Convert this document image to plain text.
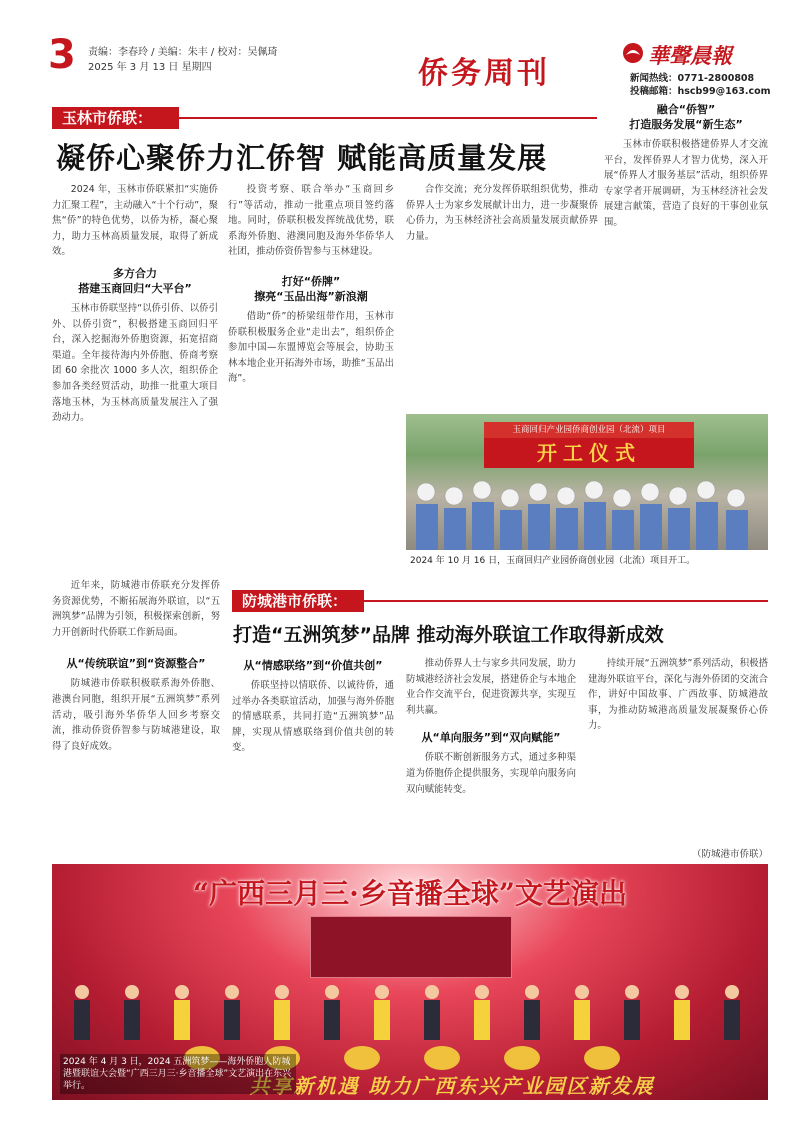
3 责编：李春玲 / 美编：朱丰 / 校对：吴佩琦
2025 年 3 月 13 日 星期四	侨务周刊
華聲晨報
新闻热线：0771-2800808
投稿邮箱：hscb99@163.com
玉林市侨联：
凝侨心聚侨力汇侨智 赋能高质量发展

2024 年，玉林市侨联紧扣“实施侨力汇聚工程”，主动融入“十个行动”，聚焦“侨”的特色优势，以侨为桥，凝心聚力，助力玉林高质量发展，取得了新成效。

多方合力
搭建玉商回归“大平台”

玉林市侨联坚持“以侨引侨、以侨引外、以侨引资”，积极搭建玉商回归平台，深入挖掘海外侨胞资源，拓宽招商渠道。全年接待海内外侨胞、侨商考察团 60 余批次 1000 多人次，组织侨企参加各类经贸活动，助推一批重大项目落地玉林，为玉林高质量发展注入了强劲动力。

投资考察、联合举办“玉商回乡行”等活动，推动一批重点项目签约落地。同时，侨联积极发挥统战优势，联系海外侨胞、港澳同胞及海外华侨华人社团，推动侨资侨智参与玉林建设。

打好“侨牌”
擦亮“玉品出海”新浪潮

借助“侨”的桥梁纽带作用，玉林市侨联积极服务企业“走出去”，组织侨企参加中国—东盟博览会等展会，协助玉林本地企业开拓海外市场，助推“玉品出海”。

合作交流；充分发挥侨联组织优势，推动侨界人士为家乡发展献计出力，进一步凝聚侨心侨力，为玉林经济社会高质量发展贡献侨界力量。

融合“侨智”
打造服务发展“新生态”

玉林市侨联积极搭建侨界人才交流平台，发挥侨界人才智力优势，深入开展“侨界人才服务基层”活动，组织侨界专家学者开展调研，为玉林经济社会发展建言献策，营造了良好的干事创业氛围。

玉商回归产业园侨商创业园（北流）项目
开工仪式
2024 年 10 月 16 日，玉商回归产业园侨商创业园（北流）项目开工。
防城港市侨联：
打造“五洲筑梦”品牌 推动海外联谊工作取得新成效

近年来，防城港市侨联充分发挥侨务资源优势，不断拓展海外联谊，以“五洲筑梦”品牌为引领，积极探索创新，努力开创新时代侨联工作新局面。

从“传统联谊”到“资源整合”

防城港市侨联积极联系海外侨胞、港澳台同胞，组织开展“五洲筑梦”系列活动，吸引海外华侨华人回乡考察交流，推动侨资侨智参与防城港建设，取得了良好成效。

从“情感联络”到“价值共创”

侨联坚持以情联侨、以诚待侨，通过举办各类联谊活动，加强与海外侨胞的情感联系，共同打造“五洲筑梦”品牌，实现从情感联络到价值共创的转变。

推动侨界人士与家乡共同发展，助力防城港经济社会发展，搭建侨企与本地企业合作交流平台，促进资源共享，实现互利共赢。

从“单向服务”到“双向赋能”

侨联不断创新服务方式，通过多种渠道为侨胞侨企提供服务，实现单向服务向双向赋能转变。

持续开展“五洲筑梦”系列活动，积极搭建海外联谊平台，深化与海外侨团的交流合作，讲好中国故事、广西故事、防城港故事，为推动防城港高质量发展凝聚侨心侨力。

（防城港市侨联）
“广西三月三·乡音播全球”文艺演出
共享新机遇 助力广西东兴产业园区新发展
2024 年 4 月 3 日，2024 五洲筑梦——海外侨胞人防城港暨联谊大会暨“广西三月三·乡音播全球”文艺演出在东兴举行。
